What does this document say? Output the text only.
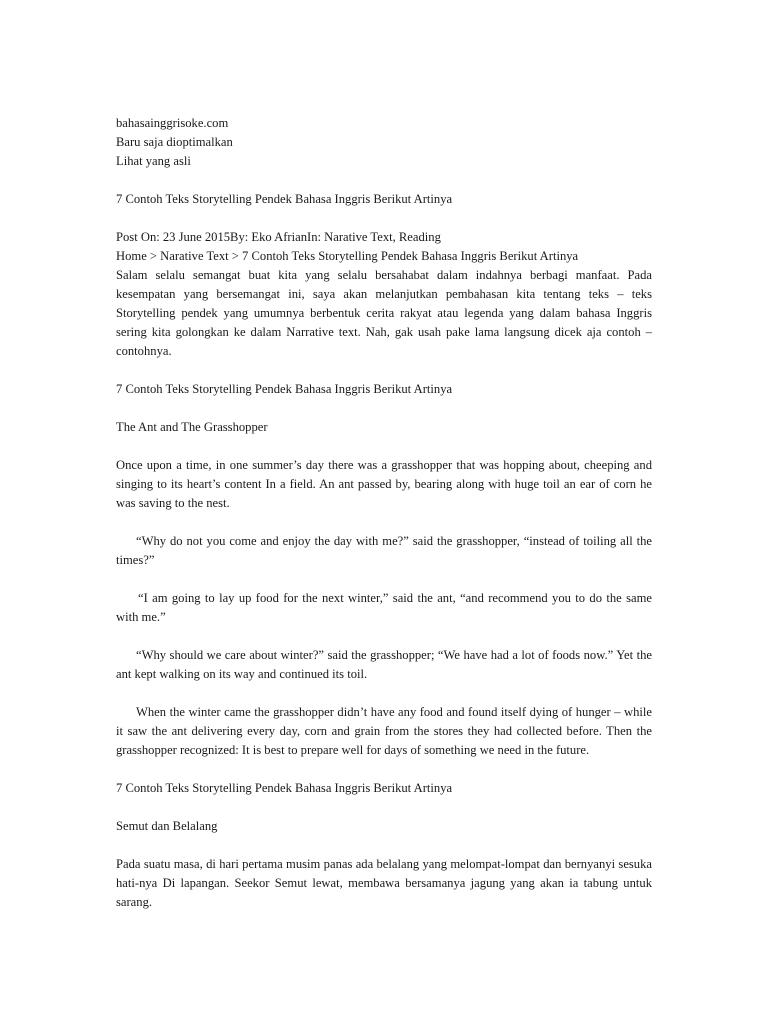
bahasainggrisoke.com

Baru saja dioptimalkan

Lihat yang asli

7 Contoh Teks Storytelling Pendek Bahasa Inggris Berikut Artinya

Post On: 23 June 2015By: Eko AfrianIn: Narative Text, Reading

Home > Narative Text > 7 Contoh Teks Storytelling Pendek Bahasa Inggris Berikut Artinya

Salam selalu semangat buat kita yang selalu bersahabat dalam indahnya berbagi manfaat. Pada kesempatan yang bersemangat ini, saya akan melanjutkan pembahasan kita tentang teks – teks Storytelling pendek yang umumnya berbentuk cerita rakyat atau legenda yang dalam bahasa Inggris sering kita golongkan ke dalam Narrative text. Nah, gak usah pake lama langsung dicek aja contoh – contohnya.

7 Contoh Teks Storytelling Pendek Bahasa Inggris Berikut Artinya

The Ant and The Grasshopper

Once upon a time, in one summer’s day there was a grasshopper that was hopping about, cheeping and singing to its heart’s content In a field. An ant passed by, bearing along with huge toil an ear of corn he was saving to the nest.

“Why do not you come and enjoy the day with me?” said the grasshopper, “instead of toiling all the times?”

“I am going to lay up food for the next winter,” said the ant, “and recommend you to do the same with me.”

“Why should we care about winter?” said the grasshopper; “We have had a lot of foods now.” Yet the ant kept walking on its way and continued its toil.

When the winter came the grasshopper didn’t have any food and found itself dying of hunger – while it saw the ant delivering every day, corn and grain from the stores they had collected before. Then the grasshopper recognized: It is best to prepare well for days of something we need in the future.

7 Contoh Teks Storytelling Pendek Bahasa Inggris Berikut Artinya

Semut dan Belalang

Pada suatu masa, di hari pertama musim panas ada belalang yang melompat-lompat dan bernyanyi sesuka hati-nya Di lapangan. Seekor Semut lewat, membawa bersamanya jagung yang akan ia tabung untuk sarang.
